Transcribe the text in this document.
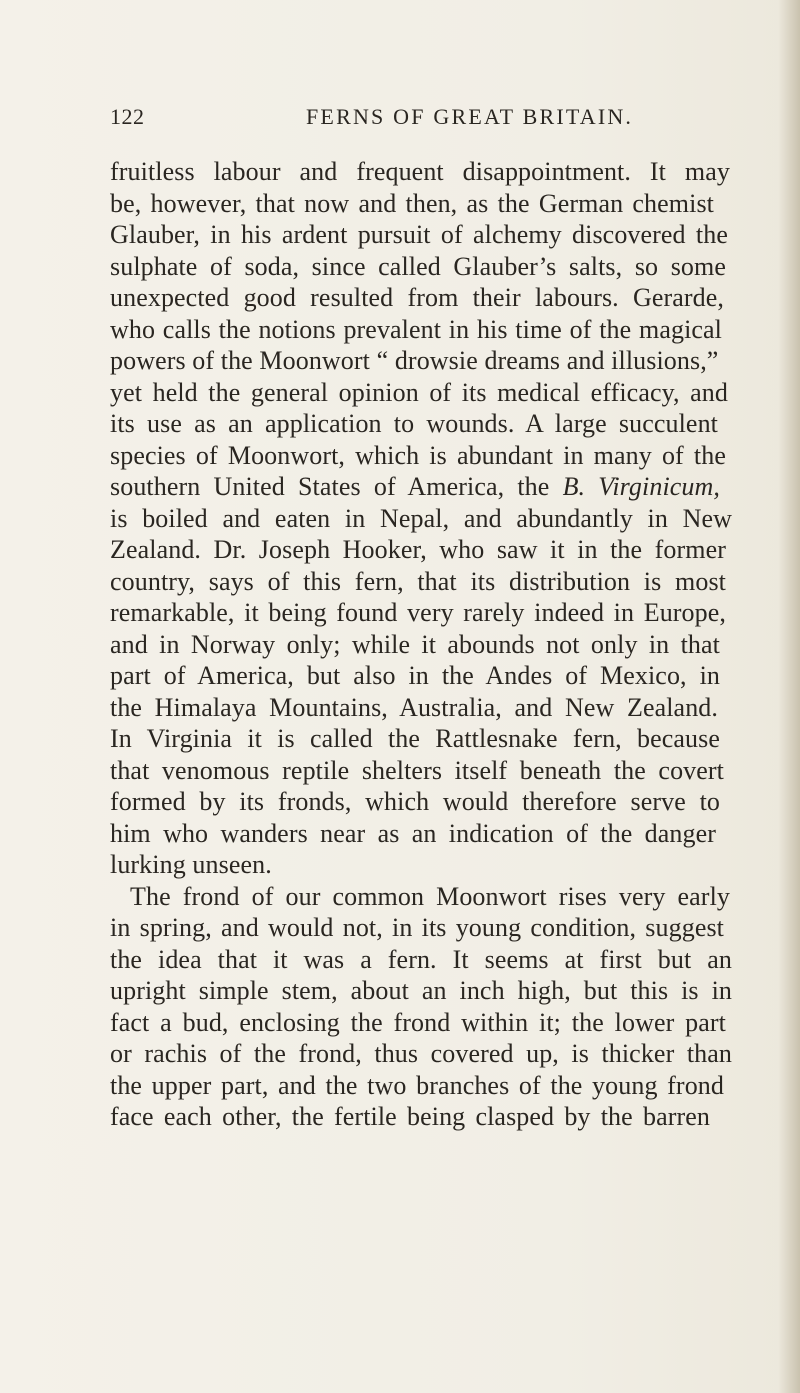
122	FERNS OF GREAT BRITAIN.
fruitless labour and frequent disappointment. It may
be, however, that now and then, as the German chemist
Glauber, in his ardent pursuit of alchemy discovered the
sulphate of soda, since called Glauber’s salts, so some
unexpected good resulted from their labours. Gerarde,
who calls the notions prevalent in his time of the magical
powers of the Moonwort “ drowsie dreams and illusions,”
yet held the general opinion of its medical efficacy, and
its use as an application to wounds. A large succulent
species of Moonwort, which is abundant in many of the
southern United States of America, the B. Virginicum,
is boiled and eaten in Nepal, and abundantly in New
Zealand. Dr. Joseph Hooker, who saw it in the former
country, says of this fern, that its distribution is most
remarkable, it being found very rarely indeed in Europe,
and in Norway only; while it abounds not only in that
part of America, but also in the Andes of Mexico, in
the Himalaya Mountains, Australia, and New Zealand.
In Virginia it is called the Rattlesnake fern, because
that venomous reptile shelters itself beneath the covert
formed by its fronds, which would therefore serve to
him who wanders near as an indication of the danger
lurking unseen.
The frond of our common Moonwort rises very early
in spring, and would not, in its young condition, suggest
the idea that it was a fern. It seems at first but an
upright simple stem, about an inch high, but this is in
fact a bud, enclosing the frond within it; the lower part
or rachis of the frond, thus covered up, is thicker than
the upper part, and the two branches of the young frond
face each other, the fertile being clasped by the barren
